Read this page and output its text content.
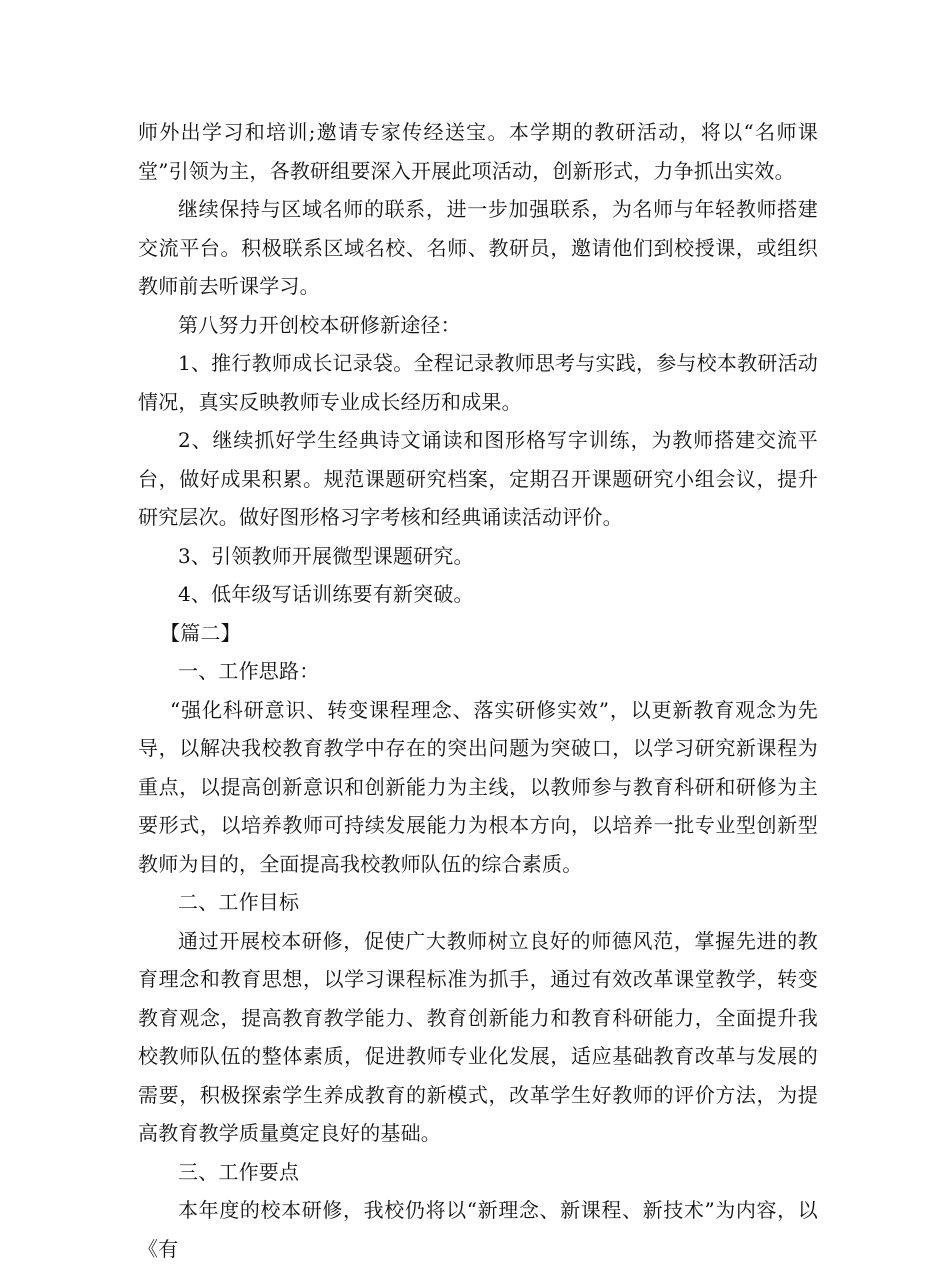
师外出学习和培训;邀请专家传经送宝。本学期的教研活动，将以“名师课堂”引领为主，各教研组要深入开展此项活动，创新形式，力争抓出实效。

继续保持与区域名师的联系，进一步加强联系，为名师与年轻教师搭建交流平台。积极联系区域名校、名师、教研员，邀请他们到校授课，或组织教师前去听课学习。

第八努力开创校本研修新途径：

1、推行教师成长记录袋。全程记录教师思考与实践，参与校本教研活动情况，真实反映教师专业成长经历和成果。

2、继续抓好学生经典诗文诵读和图形格写字训练，为教师搭建交流平台，做好成果积累。规范课题研究档案，定期召开课题研究小组会议，提升研究层次。做好图形格习字考核和经典诵读活动评价。

3、引领教师开展微型课题研究。

4、低年级写话训练要有新突破。

【篇二】

一、工作思路：

“强化科研意识、转变课程理念、落实研修实效”，以更新教育观念为先导，以解决我校教育教学中存在的突出问题为突破口，以学习研究新课程为重点，以提高创新意识和创新能力为主线，以教师参与教育科研和研修为主要形式，以培养教师可持续发展能力为根本方向，以培养一批专业型创新型教师为目的，全面提高我校教师队伍的综合素质。

二、工作目标

通过开展校本研修，促使广大教师树立良好的师德风范，掌握先进的教育理念和教育思想，以学习课程标准为抓手，通过有效改革课堂教学，转变教育观念，提高教育教学能力、教育创新能力和教育科研能力，全面提升我校教师队伍的整体素质，促进教师专业化发展，适应基础教育改革与发展的需要，积极探索学生养成教育的新模式，改革学生好教师的评价方法，为提高教育教学质量奠定良好的基础。

三、工作要点

本年度的校本研修，我校仍将以“新理念、新课程、新技术”为内容，以《有
